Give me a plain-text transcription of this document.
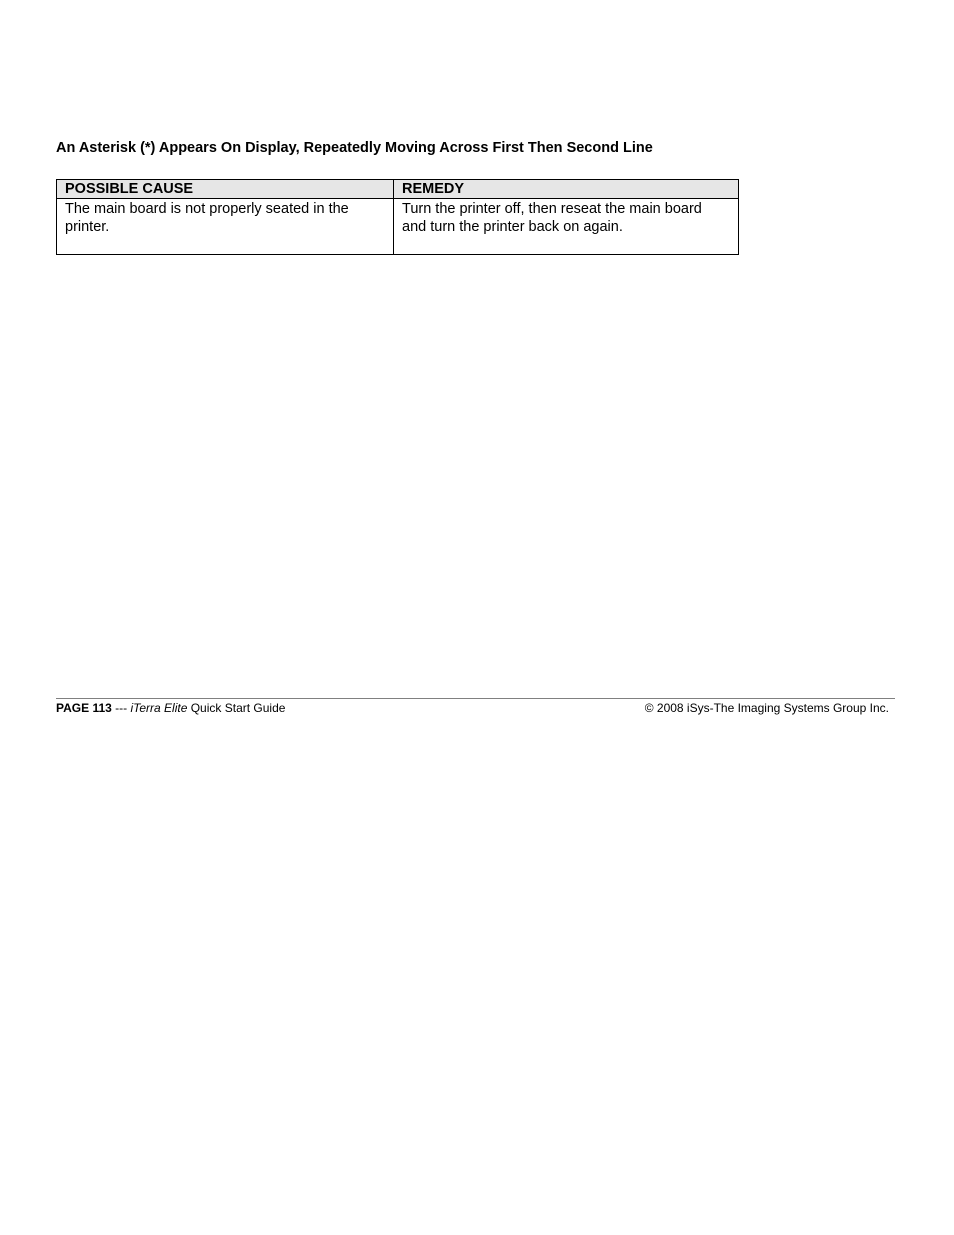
An Asterisk (*) Appears On Display, Repeatedly Moving Across First Then Second Line
POSSIBLE CAUSE	REMEDY
The main board is not properly seated in the printer.	Turn the printer off, then reseat the main board and turn the printer back on again.
PAGE 113 --- iTerra Elite Quick Start Guide	© 2008 iSys-The Imaging Systems Group Inc.
